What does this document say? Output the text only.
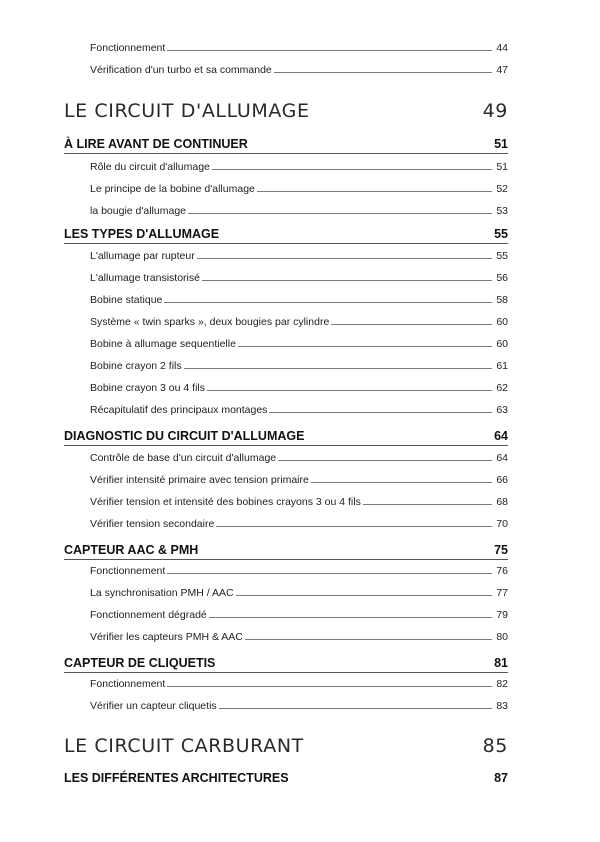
Fonctionnement	44
Vérification d'un turbo et sa commande	47
LE CIRCUIT D'ALLUMAGE	49
À LIRE AVANT DE CONTINUER	51
Rôle du circuit d'allumage	51
Le principe de la bobine d'allumage	52
la bougie d'allumage	53
LES TYPES D'ALLUMAGE	55
L'allumage par rupteur	55
L'allumage transistorisé	56
Bobine statique	58
Système « twin sparks », deux bougies par cylindre	60
Bobine à allumage sequentielle	60
Bobine crayon 2 fils	61
Bobine crayon 3 ou 4 fils	62
Récapitulatif des principaux montages	63
DIAGNOSTIC DU CIRCUIT D'ALLUMAGE	64
Contrôle de base d'un circuit d'allumage	64
Vérifier intensité primaire avec tension primaire	66
Vérifier tension et intensité des bobines crayons 3 ou 4 fils	68
Vérifier tension secondaire	70
CAPTEUR AAC & PMH	75
Fonctionnement	76
La synchronisation PMH / AAC	77
Fonctionnement dégradé	79
Vérifier les capteurs PMH & AAC	80
CAPTEUR DE CLIQUETIS	81
Fonctionnement	82
Vérifier un capteur cliquetis	83
LE CIRCUIT CARBURANT	85
LES DIFFÉRENTES ARCHITECTURES	87
